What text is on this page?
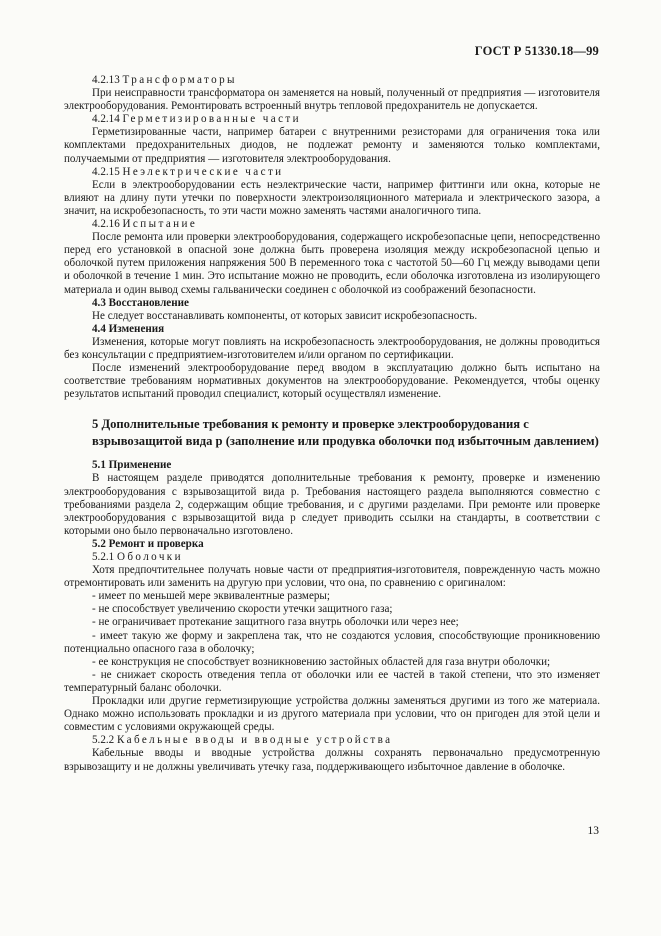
ГОСТ Р 51330.18—99

4.2.13 Трансформаторы

При неисправности трансформатора он заменяется на новый, полученный от предприятия — изготовителя электрооборудования. Ремонтировать встроенный внутрь тепловой предохранитель не допускается.

4.2.14 Герметизированные части

Герметизированные части, например батареи с внутренними резисторами для ограничения тока или комплектами предохранительных диодов, не подлежат ремонту и заменяются только комплектами, получаемыми от предприятия — изготовителя электрооборудования.

4.2.15 Неэлектрические части

Если в электрооборудовании есть неэлектрические части, например фиттинги или окна, которые не влияют на длину пути утечки по поверхности электроизоляционного материала и электрического зазора, а значит, на искробезопасность, то эти части можно заменять частями аналогичного типа.

4.2.16 Испытание

После ремонта или проверки электрооборудования, содержащего искробезопасные цепи, непосредственно перед его установкой в опасной зоне должна быть проверена изоляция между искробезопасной цепью и оболочкой путем приложения напряжения 500 В переменного тока с частотой 50—60 Гц между выводами цепи и оболочкой в течение 1 мин. Это испытание можно не проводить, если оболочка изготовлена из изолирующего материала и один вывод схемы гальванически соединен с оболочкой из соображений безопасности.

4.3 Восстановление

Не следует восстанавливать компоненты, от которых зависит искробезопасность.

4.4 Изменения

Изменения, которые могут повлиять на искробезопасность электрооборудования, не должны проводиться без консультации с предприятием-изготовителем и/или органом по сертификации.

После изменений электрооборудование перед вводом в эксплуатацию должно быть испытано на соответствие требованиям нормативных документов на электрооборудование. Рекомендуется, чтобы оценку результатов испытаний проводил специалист, который осуществлял изменение.

5 Дополнительные требования к ремонту и проверке электрооборудования с взрывозащитой вида p (заполнение или продувка оболочки под избыточным давлением)

5.1 Применение

В настоящем разделе приводятся дополнительные требования к ремонту, проверке и изменению электрооборудования с взрывозащитой вида p. Требования настоящего раздела выполняются совместно с требованиями раздела 2, содержащим общие требования, и с другими разделами. При ремонте или проверке электрооборудования с взрывозащитой вида p следует приводить ссылки на стандарты, в соответствии с которыми оно было первоначально изготовлено.

5.2 Ремонт и проверка

5.2.1 Оболочки

Хотя предпочтительнее получать новые части от предприятия-изготовителя, поврежденную часть можно отремонтировать или заменить на другую при условии, что она, по сравнению с оригиналом:

- имеет по меньшей мере эквивалентные размеры;

- не способствует увеличению скорости утечки защитного газа;

- не ограничивает протекание защитного газа внутрь оболочки или через нее;

- имеет такую же форму и закреплена так, что не создаются условия, способствующие проникновению потенциально опасного газа в оболочку;

- ее конструкция не способствует возникновению застойных областей для газа внутри оболочки;

- не снижает скорость отведения тепла от оболочки или ее частей в такой степени, что это изменяет температурный баланс оболочки.

Прокладки или другие герметизирующие устройства должны заменяться другими из того же материала. Однако можно использовать прокладки и из другого материала при условии, что он пригоден для этой цели и совместим с условиями окружающей среды.

5.2.2 Кабельные вводы и вводные устройства

Кабельные вводы и вводные устройства должны сохранять первоначально предусмотренную взрывозащиту и не должны увеличивать утечку газа, поддерживающего избыточное давление в оболочке.

13
